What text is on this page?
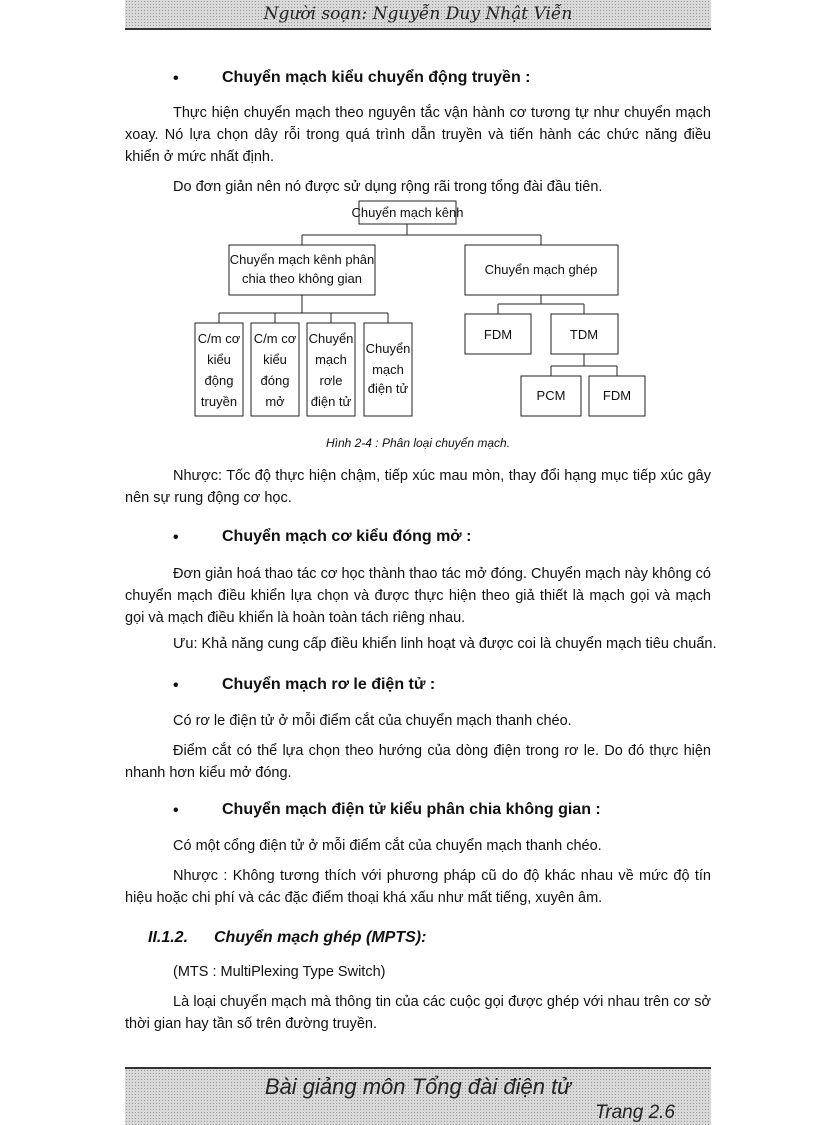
Người soạn: Nguyễn Duy Nhật Viễn
•	Chuyển mạch kiểu chuyển động truyền :
Thực hiện chuyển mạch theo nguyên tắc vận hành cơ tương tự như chuyển mạch xoay. Nó lựa chọn dây rỗi trong quá trình dẫn truyền và tiến hành các chức năng điều khiển ở mức nhất định.
Do đơn giản nên nó được sử dụng rộng rãi trong tổng đài đầu tiên.
Chuyển mạch kênh
Chuyển mạch kênh phân
chia theo không gian
Chuyển mạch ghép
C/m cơ
kiểu
động
truyền
C/m cơ
kiểu
đóng
mở
Chuyển
mạch
rơle
điện tử
Chuyển
mạch
điện tử
FDM	TDM
PCM	FDM
Hình 2-4 : Phân loại chuyển mạch.
Nhược: Tốc độ thực hiện chậm, tiếp xúc mau mòn, thay đổi hạng mục tiếp xúc gây nên sự rung động cơ học.
•	Chuyển mạch cơ kiểu đóng mở :
Đơn giản hoá thao tác cơ học thành thao tác mở đóng. Chuyển mạch này không có chuyển mạch điều khiển lựa chọn và được thực hiện theo giả thiết là mạch gọi và mạch gọi và mạch điều khiển là hoàn toàn tách riêng nhau.
Ưu: Khả năng cung cấp điều khiển linh hoạt và được coi là chuyển mạch tiêu chuẩn.
•	Chuyển mạch rơ le điện tử :
Có rơ le điện tử ở mỗi điểm cắt của chuyển mạch thanh chéo.
Điểm cắt có thể lựa chọn theo hướng của dòng điện trong rơ le. Do đó thực hiện nhanh hơn kiểu mở đóng.
•	Chuyển mạch điện tử kiểu phân chia không gian :
Có một cổng điện tử ở mỗi điểm cắt của chuyển mạch thanh chéo.
Nhược : Không tương thích với phương pháp cũ do độ khác nhau về mức độ tín hiệu hoặc chi phí và các đặc điểm thoại khá xấu như mất tiếng, xuyên âm.
II.1.2. Chuyển mạch ghép (MPTS):
(MTS : MultiPlexing Type Switch)
Là loại chuyển mạch mà thông tin của các cuộc gọi được ghép với nhau trên cơ sở thời gian hay tần số trên đường truyền.
Bài giảng môn Tổng đài điện tử
Trang 2.6
